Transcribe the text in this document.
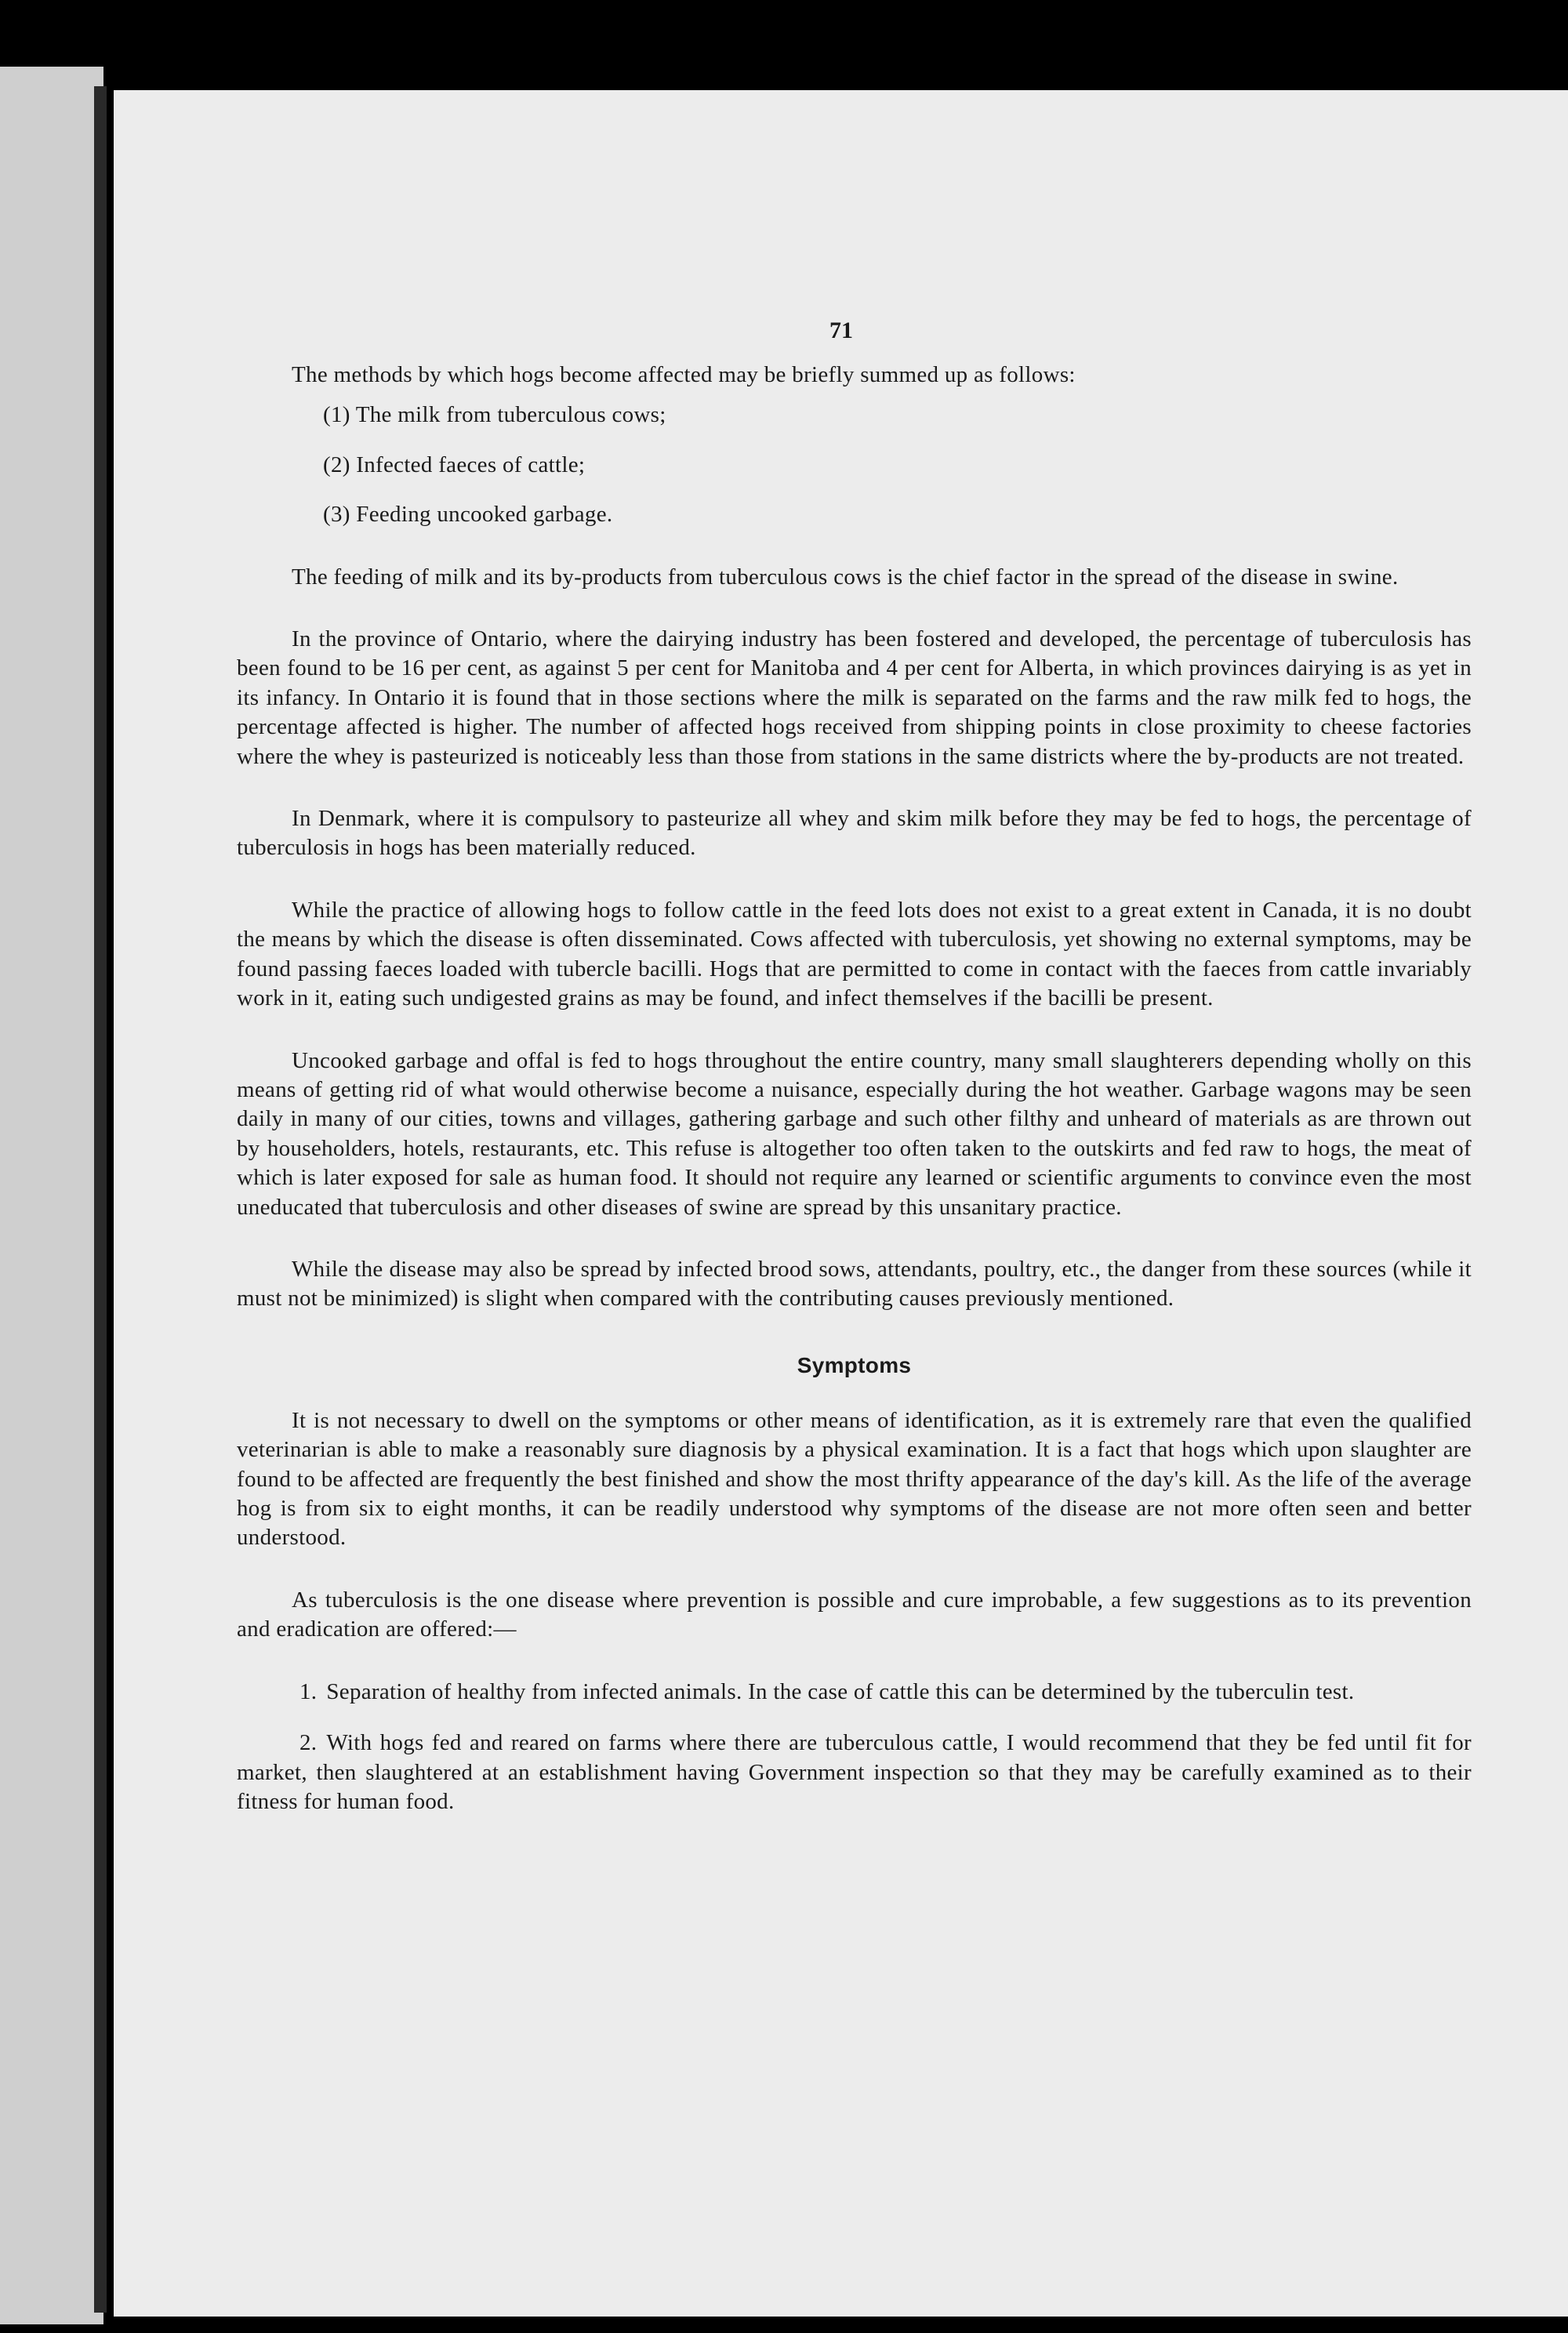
71

The methods by which hogs become affected may be briefly summed up as follows:

(1) The milk from tuberculous cows;

(2) Infected faeces of cattle;

(3) Feeding uncooked garbage.

The feeding of milk and its by-products from tuberculous cows is the chief factor in the spread of the disease in swine.

In the province of Ontario, where the dairying industry has been fostered and developed, the percentage of tuberculosis has been found to be 16 per cent, as against 5 per cent for Manitoba and 4 per cent for Alberta, in which provinces dairying is as yet in its infancy. In Ontario it is found that in those sections where the milk is separated on the farms and the raw milk fed to hogs, the percentage affected is higher. The number of affected hogs received from shipping points in close proximity to cheese factories where the whey is pasteurized is noticeably less than those from stations in the same districts where the by-products are not treated.

In Denmark, where it is compulsory to pasteurize all whey and skim milk before they may be fed to hogs, the percentage of tuberculosis in hogs has been materially reduced.

While the practice of allowing hogs to follow cattle in the feed lots does not exist to a great extent in Canada, it is no doubt the means by which the disease is often disseminated. Cows affected with tuberculosis, yet showing no external symptoms, may be found passing faeces loaded with tubercle bacilli. Hogs that are permitted to come in contact with the faeces from cattle invariably work in it, eating such undigested grains as may be found, and infect themselves if the bacilli be present.

Uncooked garbage and offal is fed to hogs throughout the entire country, many small slaughterers depending wholly on this means of getting rid of what would otherwise become a nuisance, especially during the hot weather. Garbage wagons may be seen daily in many of our cities, towns and villages, gathering garbage and such other filthy and unheard of materials as are thrown out by householders, hotels, restaurants, etc. This refuse is altogether too often taken to the outskirts and fed raw to hogs, the meat of which is later exposed for sale as human food. It should not require any learned or scientific arguments to convince even the most uneducated that tuberculosis and other diseases of swine are spread by this unsanitary practice.

While the disease may also be spread by infected brood sows, attendants, poultry, etc., the danger from these sources (while it must not be minimized) is slight when compared with the contributing causes previously mentioned.

Symptoms

It is not necessary to dwell on the symptoms or other means of identification, as it is extremely rare that even the qualified veterinarian is able to make a reasonably sure diagnosis by a physical examination. It is a fact that hogs which upon slaughter are found to be affected are frequently the best finished and show the most thrifty appearance of the day's kill. As the life of the average hog is from six to eight months, it can be readily understood why symptoms of the disease are not more often seen and better understood.

As tuberculosis is the one disease where prevention is possible and cure improbable, a few suggestions as to its prevention and eradication are offered:—

1. Separation of healthy from infected animals. In the case of cattle this can be determined by the tuberculin test.

2. With hogs fed and reared on farms where there are tuberculous cattle, I would recommend that they be fed until fit for market, then slaughtered at an establishment having Government inspection so that they may be carefully examined as to their fitness for human food.
